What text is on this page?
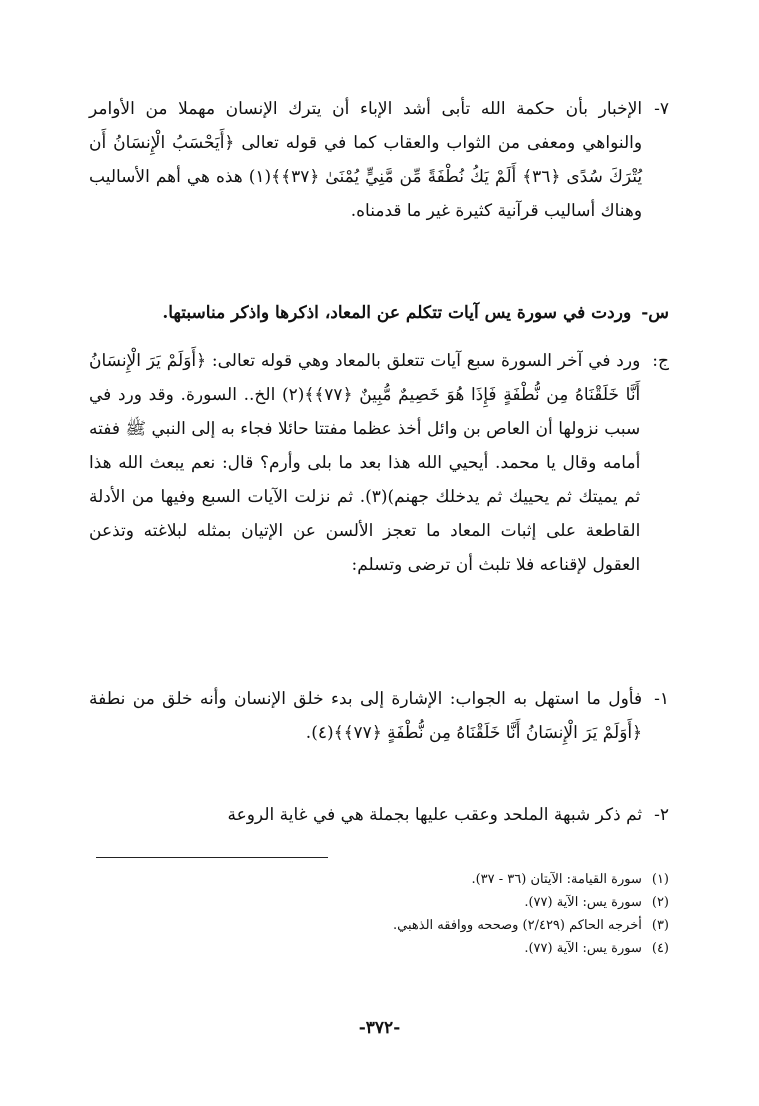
٧-
الإخبار بأن حكمة الله تأبى أشد الإباء أن يترك الإنسان مهملا من الأوامر والنواهي ومعفى من الثواب والعقاب كما في قوله تعالى ﴿أَيَحْسَبُ الْإِنسَانُ أَن يُتْرَكَ سُدًى ﴿٣٦﴾ أَلَمْ يَكُ نُطْفَةً مِّن مَّنِيٍّ يُمْنَىٰ ﴿٣٧﴾﴾(١) هذه هي أهم الأساليب وهناك أساليب قرآنية كثيرة غير ما قدمناه.
س-
وردت في سورة يس آيات تتكلم عن المعاد، اذكرها واذكر مناسبتها.
ج:
ورد في آخر السورة سبع آيات تتعلق بالمعاد وهي قوله تعالى: ﴿أَوَلَمْ يَرَ الْإِنسَانُ أَنَّا خَلَقْنَاهُ مِن نُّطْفَةٍ فَإِذَا هُوَ خَصِيمٌ مُّبِينٌ ﴿٧٧﴾﴾(٢) الخ.. السورة. وقد ورد في سبب نزولها أن العاص بن وائل أخذ عظما مفتتا حائلا فجاء به إلى النبي ﷺ ففته أمامه وقال يا محمد. أيحيي الله هذا بعد ما بلى وأرم؟ قال: نعم يبعث الله هذا ثم يميتك ثم يحييك ثم يدخلك جهنم)(٣). ثم نزلت الآيات السبع وفيها من الأدلة القاطعة على إثبات المعاد ما تعجز الألسن عن الإتيان بمثله لبلاغته وتذعن العقول لإقناعه فلا تلبث أن ترضى وتسلم:
١-
فأول ما استهل به الجواب: الإشارة إلى بدء خلق الإنسان وأنه خلق من نطفة ﴿أَوَلَمْ يَرَ الْإِنسَانُ أَنَّا خَلَقْنَاهُ مِن نُّطْفَةٍ ﴿٧٧﴾﴾(٤).
٢-
ثم ذكر شبهة الملحد وعقب عليها بجملة هي في غاية الروعة
(١)
سورة القيامة: الآيتان (٣٦ - ٣٧).
(٢)
سورة يس: الآية (٧٧).
(٣)
أخرجه الحاكم (٢/٤٢٩) وصححه ووافقه الذهبي.
(٤)
سورة يس: الآية (٧٧).
-٣٧٢-
